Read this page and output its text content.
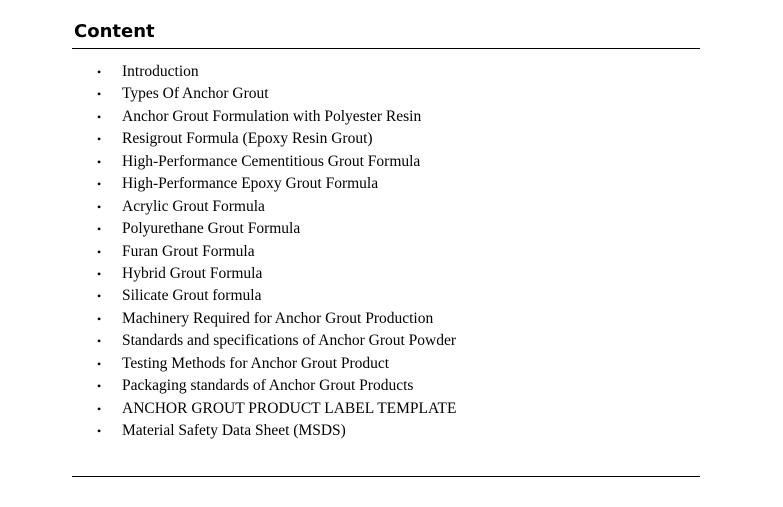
Content
• Introduction
• Types Of Anchor Grout
• Anchor Grout Formulation with Polyester Resin
• Resigrout Formula (Epoxy Resin Grout)
• High-Performance Cementitious Grout Formula
• High-Performance Epoxy Grout Formula
• Acrylic Grout Formula
• Polyurethane Grout Formula
• Furan Grout Formula
• Hybrid Grout Formula
• Silicate Grout formula
• Machinery Required for Anchor Grout Production
• Standards and specifications of Anchor Grout Powder
• Testing Methods for Anchor Grout Product
• Packaging standards of Anchor Grout Products
• ANCHOR GROUT PRODUCT LABEL TEMPLATE
• Material Safety Data Sheet (MSDS)
